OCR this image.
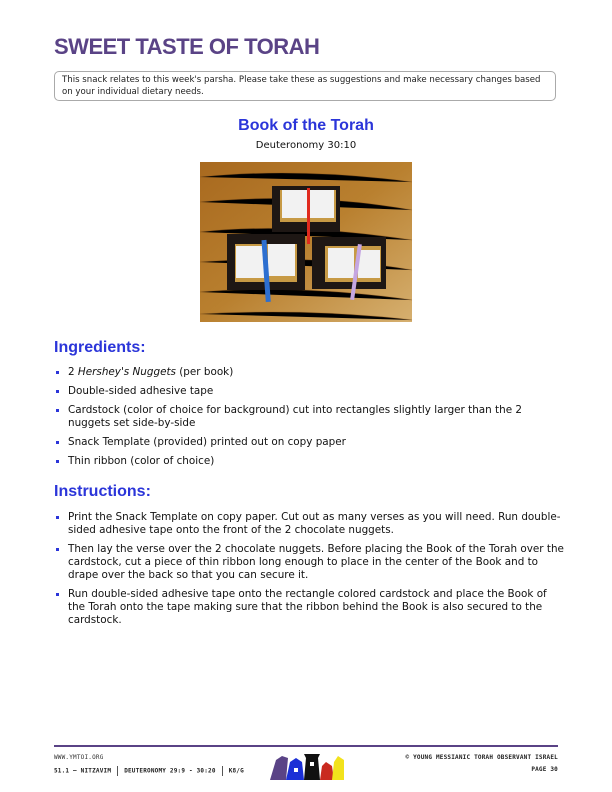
SWEET TASTE OF TORAH
This snack relates to this week's parsha. Please take these as suggestions and make necessary changes based on your individual dietary needs.
Book of the Torah
Deuteronomy 30:10
Ingredients:
2 Hershey's Nuggets (per book)
Double-sided adhesive tape
Cardstock (color of choice for background) cut into rectangles slightly larger than the 2 nuggets set side-by-side
Snack Template (provided) printed out on copy paper
Thin ribbon (color of choice)
Instructions:
Print the Snack Template on copy paper. Cut out as many verses as you will need. Run double-sided adhesive tape onto the front of the 2 chocolate nuggets.
Then lay the verse over the 2 chocolate nuggets. Before placing the Book of the Torah over the cardstock, cut a piece of thin ribbon long enough to place in the center of the Book and to drape over the back so that you can secure it.
Run double-sided adhesive tape onto the rectangle colored cardstock and place the Book of the Torah onto the tape making sure that the ribbon behind the Book is also secured to the cardstock.
WWW.YMTOI.ORG
51.1 – NITZAVIM DEUTERONOMY 29:9 - 30:20 K8/G
© YOUNG MESSIANIC TORAH OBSERVANT ISRAEL
PAGE 30
